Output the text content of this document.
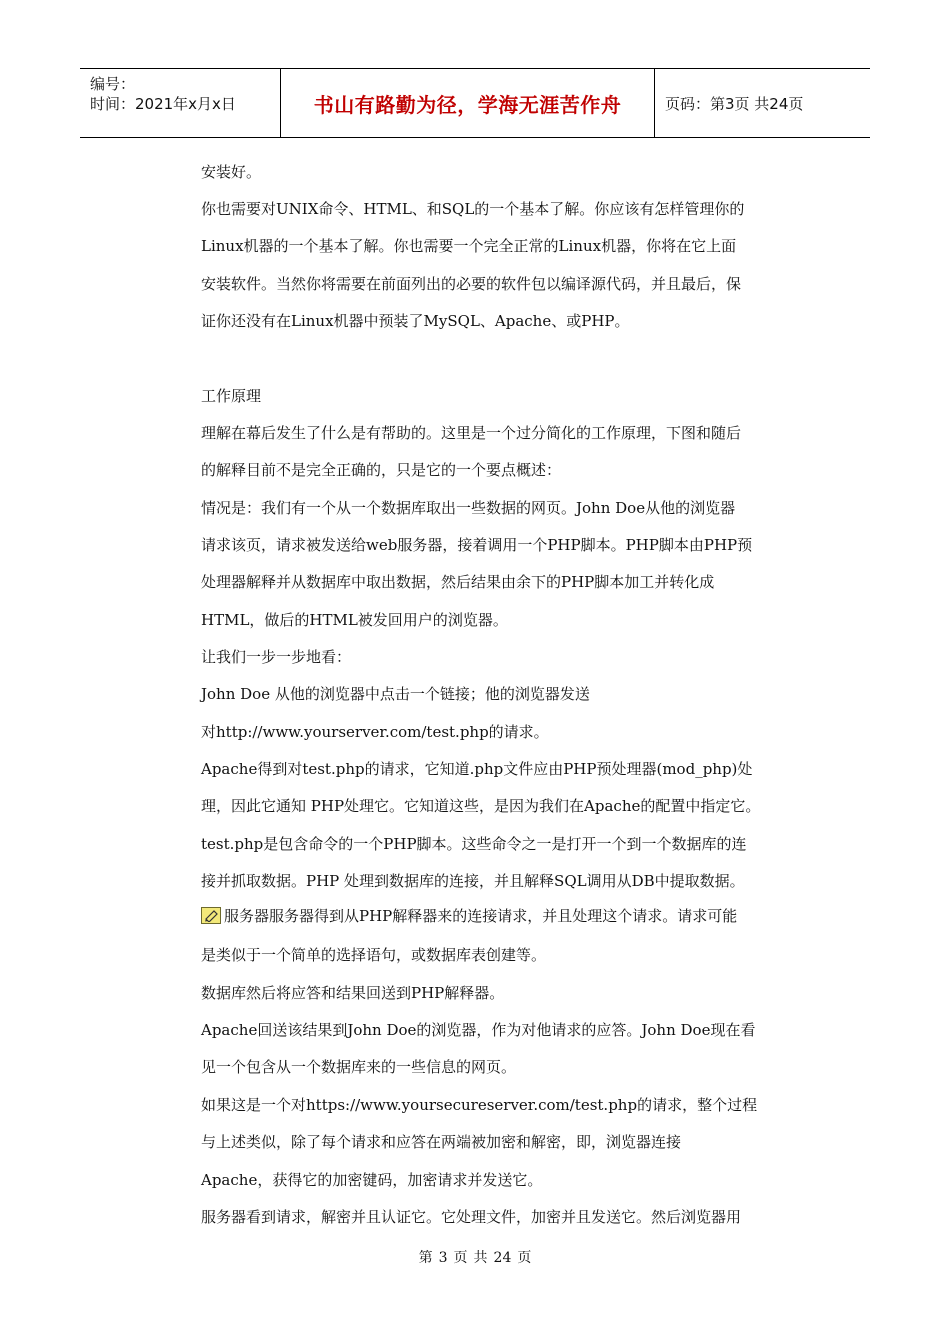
编号：
时间：2021年x月x日	书山有路勤为径，学海无涯苦作舟	页码：第3页 共24页
安装好。
你也需要对UNIX命令、HTML、和SQL的一个基本了解。你应该有怎样管理你的
Linux机器的一个基本了解。你也需要一个完全正常的Linux机器，你将在它上面
安装软件。当然你将需要在前面列出的必要的软件包以编译源代码，并且最后，保
证你还没有在Linux机器中预装了MySQL、Apache、或PHP。
工作原理
理解在幕后发生了什么是有帮助的。这里是一个过分简化的工作原理，下图和随后
的解释目前不是完全正确的，只是它的一个要点概述：
情况是：我们有一个从一个数据库取出一些数据的网页。John Doe从他的浏览器
请求该页，请求被发送给web服务器，接着调用一个PHP脚本。PHP脚本由PHP预
处理器解释并从数据库中取出数据，然后结果由余下的PHP脚本加工并转化成
HTML，做后的HTML被发回用户的浏览器。
让我们一步一步地看：
John Doe 从他的浏览器中点击一个链接；他的浏览器发送
对http://www.yourserver.com/test.php的请求。
Apache得到对test.php的请求，它知道.php文件应由PHP预处理器(mod_php)处
理，因此它通知 PHP处理它。它知道这些，是因为我们在Apache的配置中指定它。
test.php是包含命令的一个PHP脚本。这些命令之一是打开一个到一个数据库的连
接并抓取数据。PHP 处理到数据库的连接，并且解释SQL调用从DB中提取数据。
服务器服务器得到从PHP解释器来的连接请求，并且处理这个请求。请求可能
是类似于一个简单的选择语句，或数据库表创建等。
数据库然后将应答和结果回送到PHP解释器。
Apache回送该结果到John Doe的浏览器，作为对他请求的应答。John Doe现在看
见一个包含从一个数据库来的一些信息的网页。
如果这是一个对https://www.yoursecureserver.com/test.php的请求，整个过程
与上述类似，除了每个请求和应答在两端被加密和解密，即，浏览器连接
Apache，获得它的加密键码，加密请求并发送它。
服务器看到请求，解密并且认证它。它处理文件，加密并且发送它。然后浏览器用
第 3 页 共 24 页
